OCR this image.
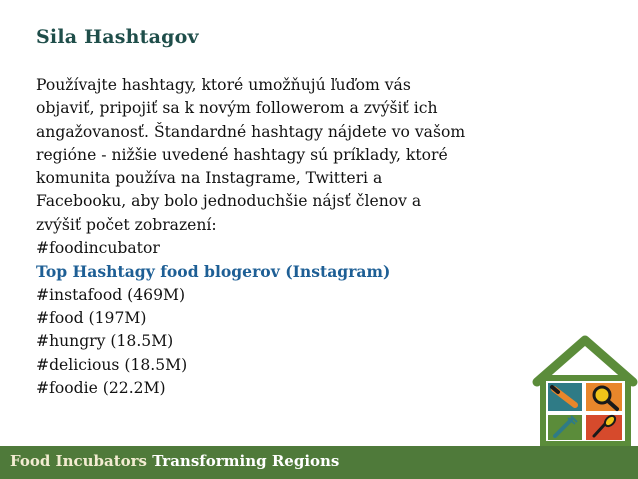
Sila Hashtagov

Používajte hashtagy, ktoré umožňujú ľuďom vás

objaviť, pripojiť sa k novým followerom a zvýšiť ich

angažovanosť. Štandardné hashtagy nájdete vo vašom

regióne - nižšie uvedené hashtagy sú príklady, ktoré

komunita používa na Instagrame, Twitteri a

Facebooku, aby bolo jednoduchšie nájsť členov a

zvýšiť počet zobrazení:

#foodincubator

Top Hashtagy food blogerov (Instagram)

#instafood (469M)

#food (197M)

#hungry (18.5M)

#delicious (18.5M)

#foodie (22.2M)

Food Incubators Transforming Regions
